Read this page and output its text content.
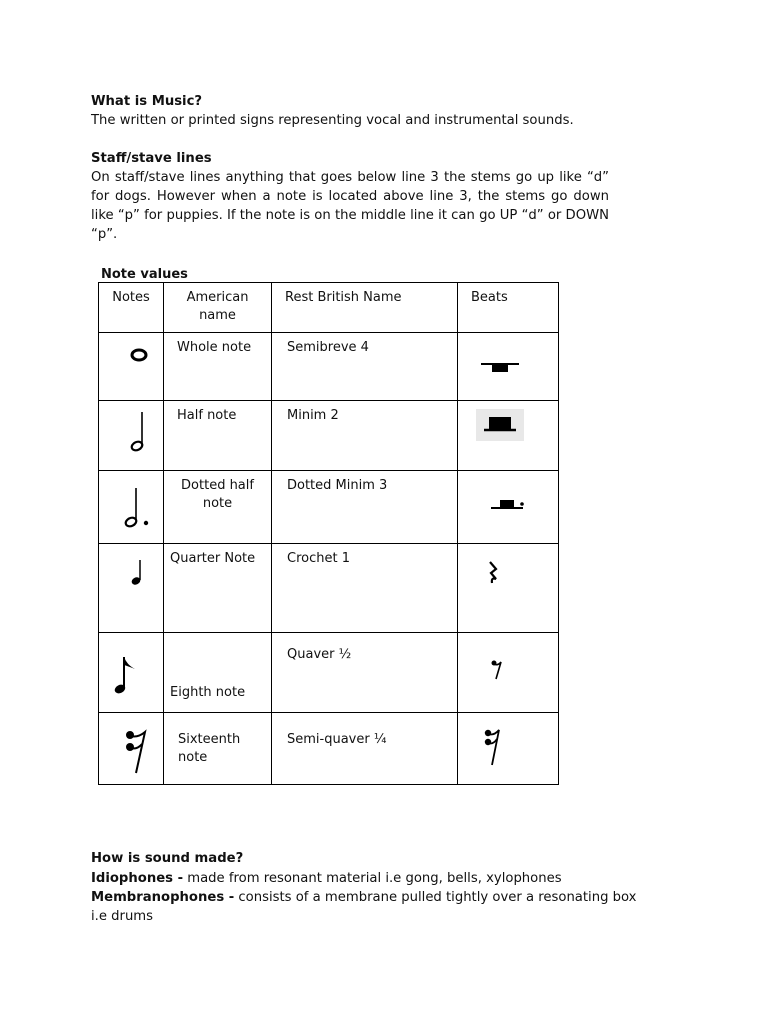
What is Music?

The written or printed signs representing vocal and instrumental sounds.

Staff/stave lines

On staff/stave lines anything that goes below line 3 the stems go up like “d” for dogs. However when a note is located above line 3, the stems go down like “p” for puppies. If the note is on the middle line it can go UP “d” or DOWN “p”.

Note values
Notes	American name	Rest British Name	Beats

Whole note	Semibreve 4

Half note	Minim 2

Dotted half note	Dotted Minim 3

Quarter Note	Crochet 1

Eighth note	Quaver ½

Sixteenth note	Semi-quaver ¼

How is sound made?

Idiophones - made from resonant material i.e gong, bells, xylophones

Membranophones - consists of a membrane pulled tightly over a resonating box i.e drums
